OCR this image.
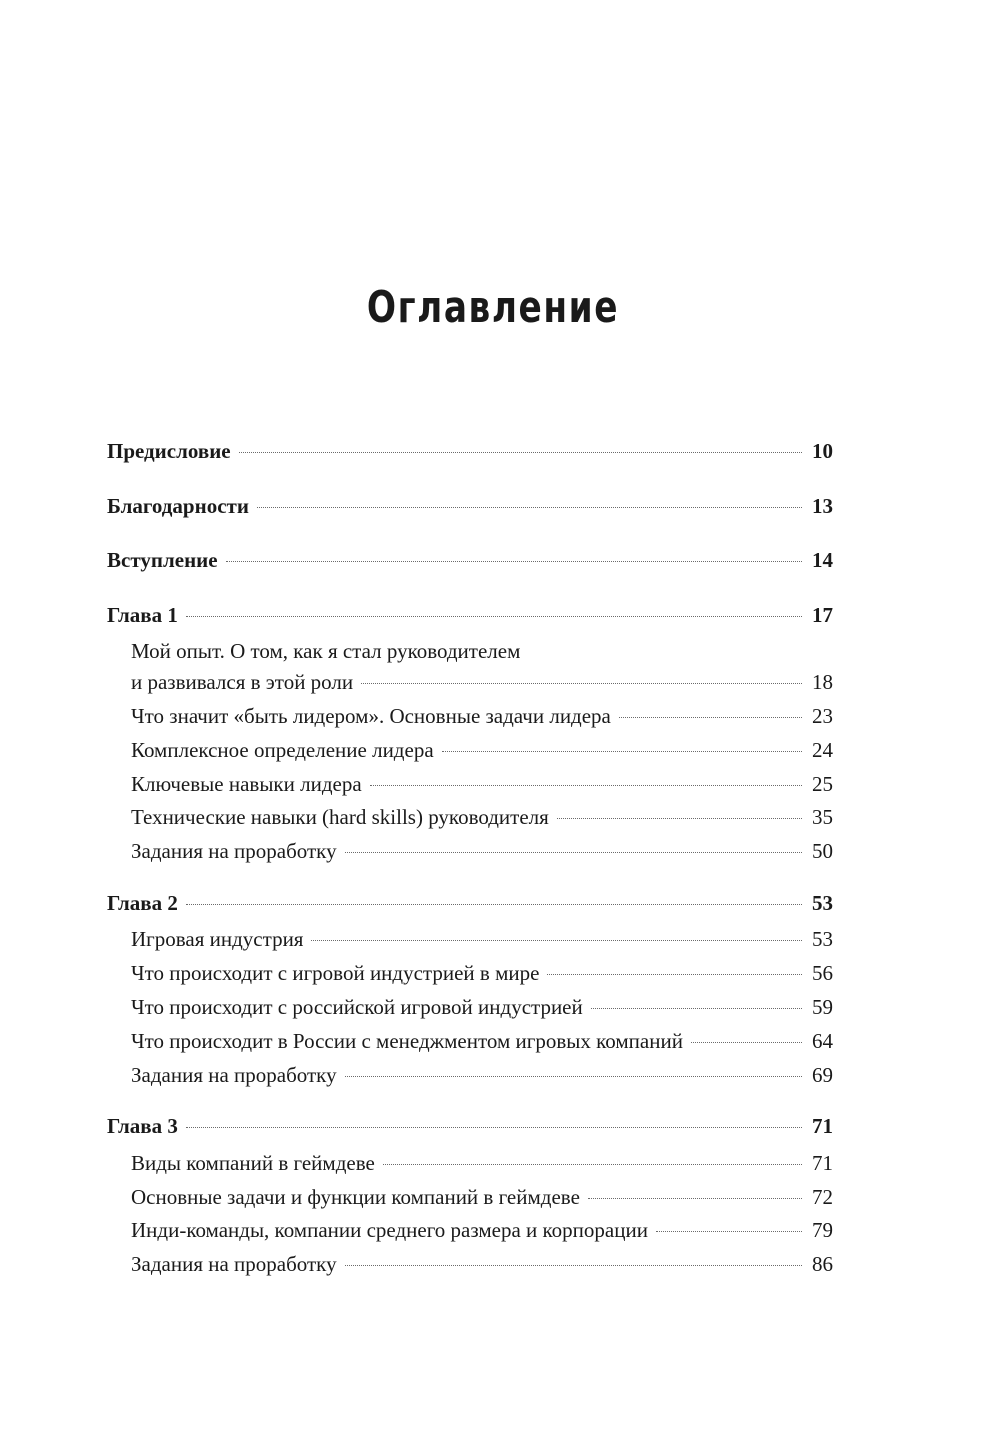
Оглавление
Предисловие	10
Благодарности	13
Вступление	14
Глава 1	17
Мой опыт. О том, как я стал руководителем
и развивался в этой роли	18
Что значит «быть лидером». Основные задачи лидера	23
Комплексное определение лидера	24
Ключевые навыки лидера	25
Технические навыки (hard skills) руководителя	35
Задания на проработку	50
Глава 2	53
Игровая индустрия	53
Что происходит с игровой индустрией в мире	56
Что происходит с российской игровой индустрией	59
Что происходит в России с менеджментом игровых компаний	64
Задания на проработку	69
Глава 3	71
Виды компаний в геймдеве	71
Основные задачи и функции компаний в геймдеве	72
Инди-команды, компании среднего размера и корпорации	79
Задания на проработку	86
